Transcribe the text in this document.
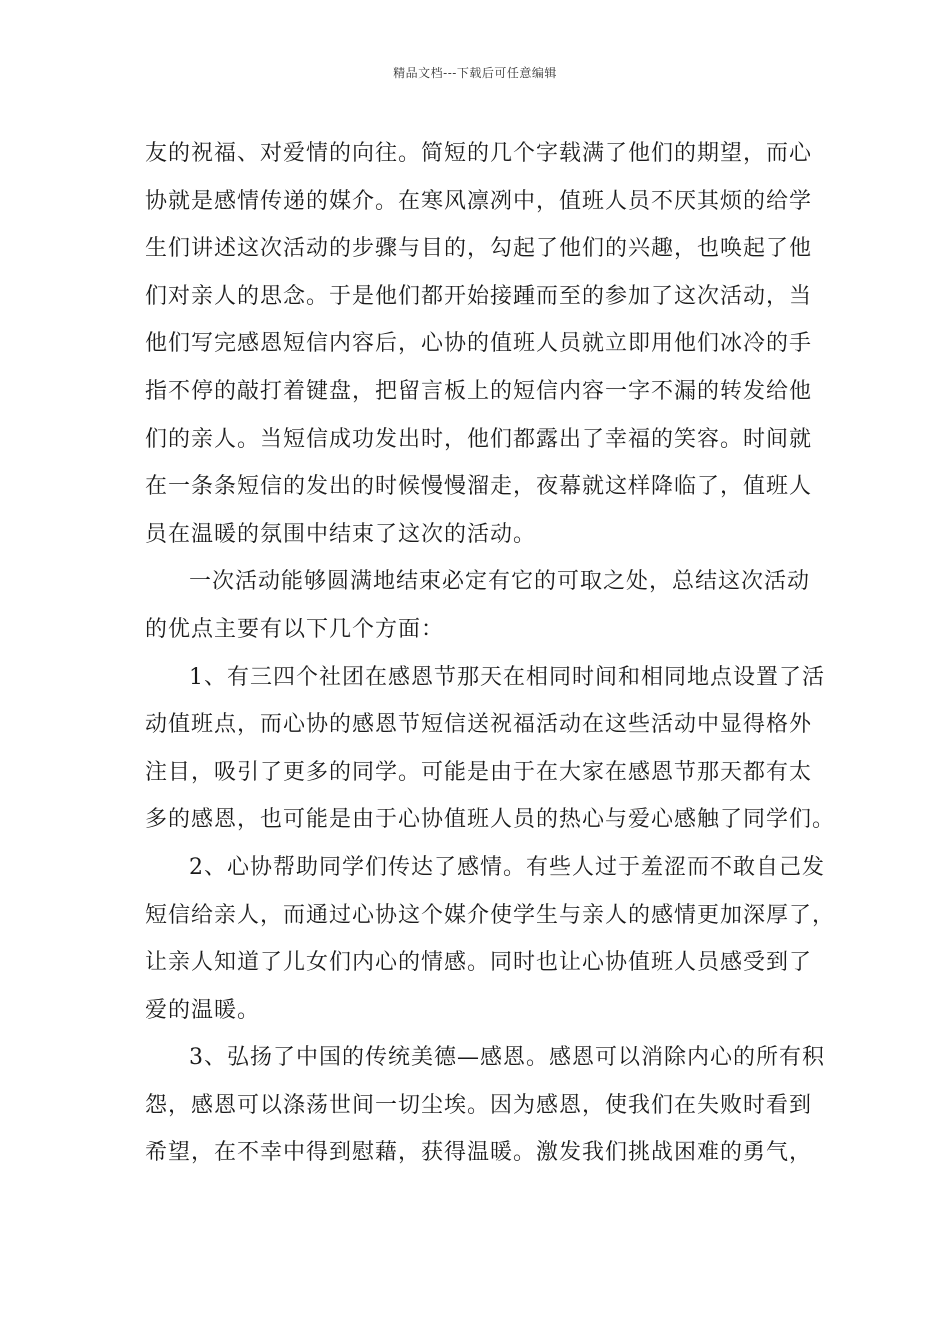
精品文档---下载后可任意编辑
友的祝福、对爱情的向往。简短的几个字载满了他们的期望，而心
协就是感情传递的媒介。在寒风凛冽中，值班人员不厌其烦的给学
生们讲述这次活动的步骤与目的，勾起了他们的兴趣，也唤起了他
们对亲人的思念。于是他们都开始接踵而至的参加了这次活动，当
他们写完感恩短信内容后，心协的值班人员就立即用他们冰冷的手
指不停的敲打着键盘，把留言板上的短信内容一字不漏的转发给他
们的亲人。当短信成功发出时，他们都露出了幸福的笑容。时间就
在一条条短信的发出的时候慢慢溜走，夜幕就这样降临了，值班人
员在温暖的氛围中结束了这次的活动。
一次活动能够圆满地结束必定有它的可取之处，总结这次活动
的优点主要有以下几个方面：
1、有三四个社团在感恩节那天在相同时间和相同地点设置了活
动值班点，而心协的感恩节短信送祝福活动在这些活动中显得格外
注目，吸引了更多的同学。可能是由于在大家在感恩节那天都有太
多的感恩，也可能是由于心协值班人员的热心与爱心感触了同学们。
2、心协帮助同学们传达了感情。有些人过于羞涩而不敢自己发
短信给亲人，而通过心协这个媒介使学生与亲人的感情更加深厚了，
让亲人知道了儿女们内心的情感。同时也让心协值班人员感受到了
爱的温暖。
3、弘扬了中国的传统美德—感恩。感恩可以消除内心的所有积
怨，感恩可以涤荡世间一切尘埃。因为感恩，使我们在失败时看到
希望，在不幸中得到慰藉，获得温暖。激发我们挑战困难的勇气，
